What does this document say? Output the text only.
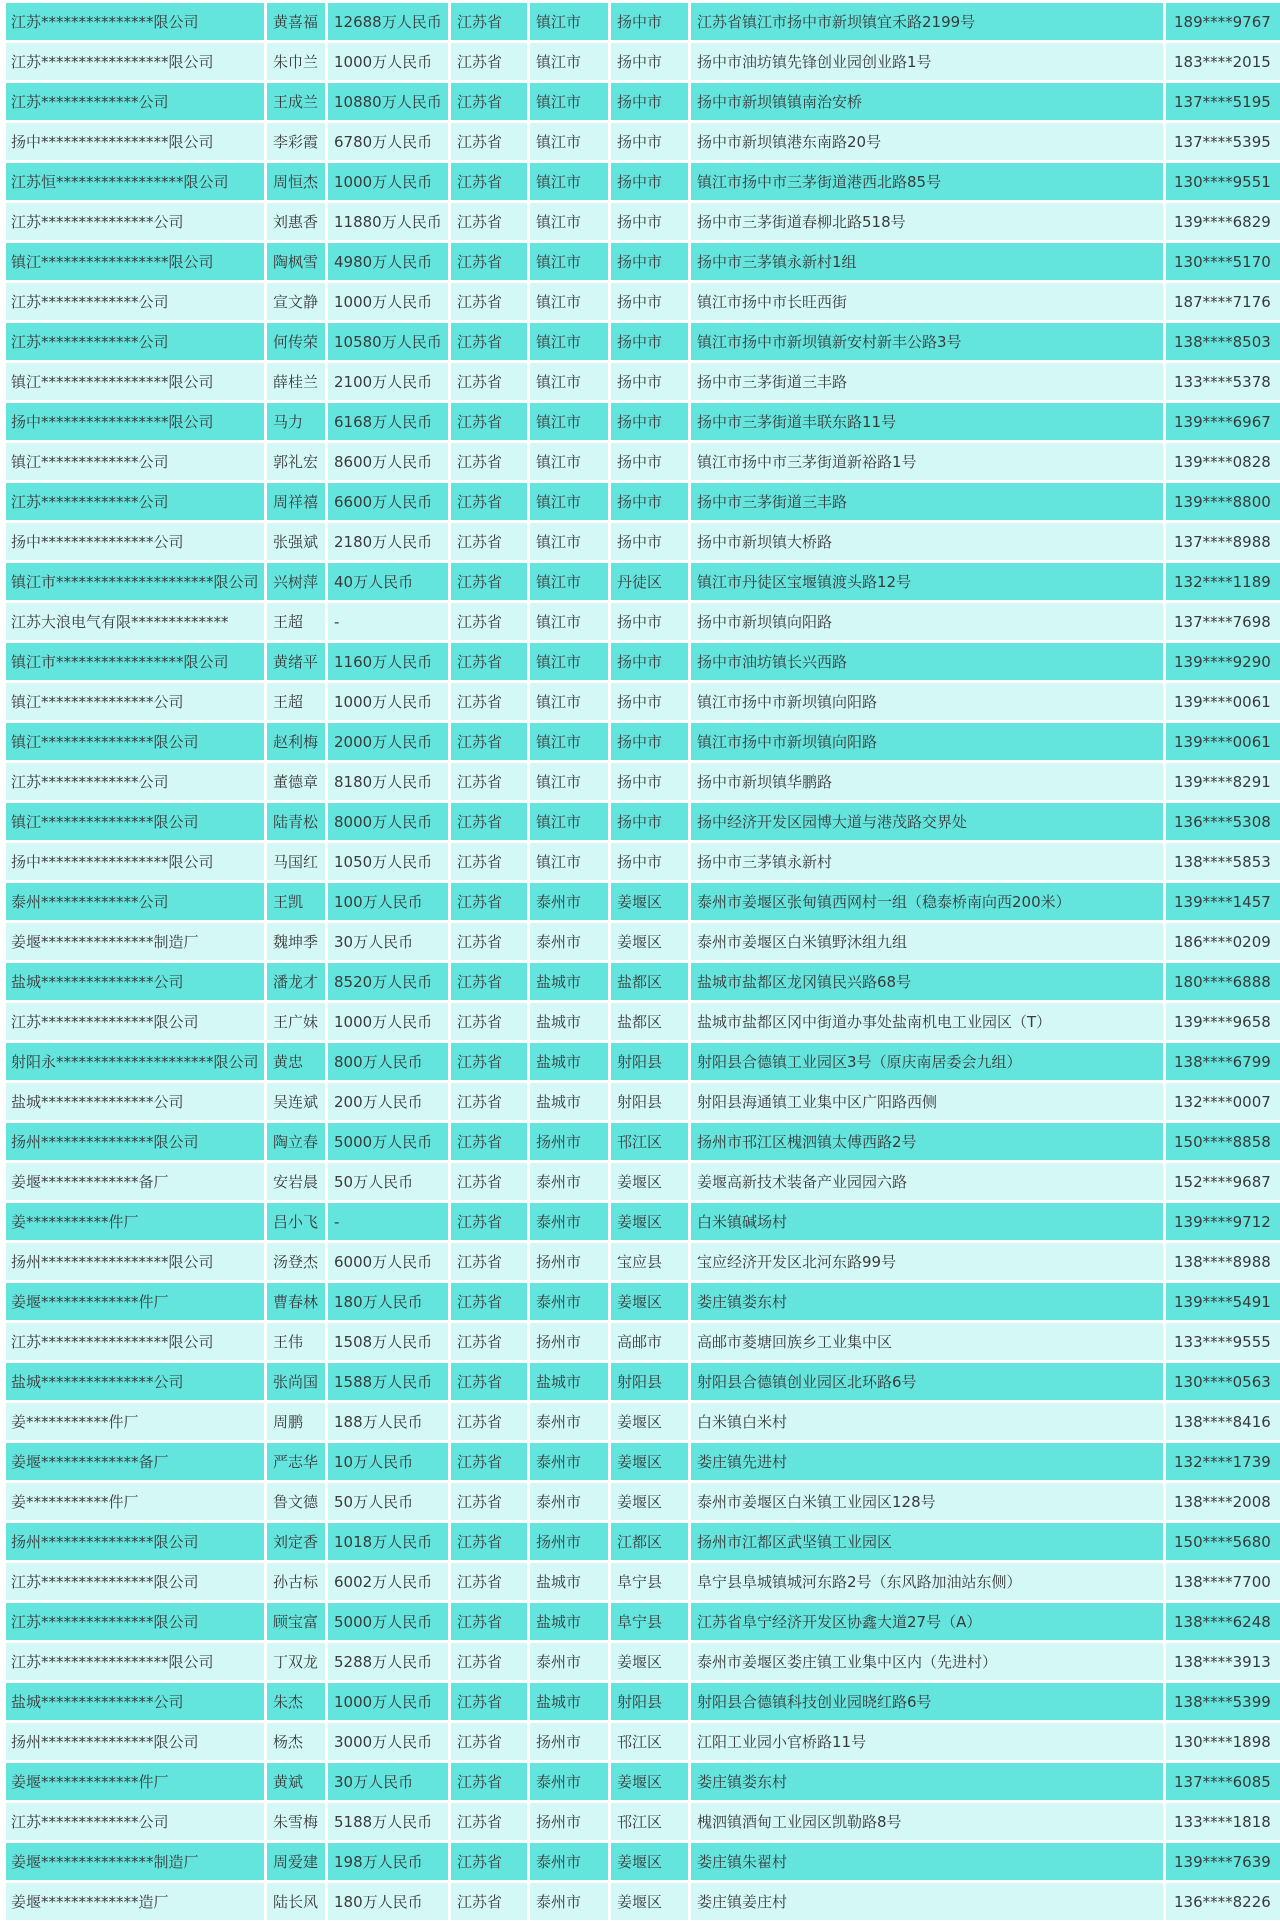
江苏***************限公司	黄喜福	12688万人民币	江苏省	镇江市	扬中市	江苏省镇江市扬中市新坝镇宜禾路2199号	189****9767
江苏*****************限公司	朱巾兰	1000万人民币	江苏省	镇江市	扬中市	扬中市油坊镇先锋创业园创业路1号	183****2015
江苏*************公司	王成兰	10880万人民币	江苏省	镇江市	扬中市	扬中市新坝镇镇南治安桥	137****5195
扬中*****************限公司	李彩霞	6780万人民币	江苏省	镇江市	扬中市	扬中市新坝镇港东南路20号	137****5395
江苏恒*****************限公司	周恒杰	1000万人民币	江苏省	镇江市	扬中市	镇江市扬中市三茅街道港西北路85号	130****9551
江苏***************公司	刘惠香	11880万人民币	江苏省	镇江市	扬中市	扬中市三茅街道春柳北路518号	139****6829
镇江*****************限公司	陶枫雪	4980万人民币	江苏省	镇江市	扬中市	扬中市三茅镇永新村1组	130****5170
江苏*************公司	宣文静	1000万人民币	江苏省	镇江市	扬中市	镇江市扬中市长旺西街	187****7176
江苏*************公司	何传荣	10580万人民币	江苏省	镇江市	扬中市	镇江市扬中市新坝镇新安村新丰公路3号	138****8503
镇江*****************限公司	薛桂兰	2100万人民币	江苏省	镇江市	扬中市	扬中市三茅街道三丰路	133****5378
扬中*****************限公司	马力	6168万人民币	江苏省	镇江市	扬中市	扬中市三茅街道丰联东路11号	139****6967
镇江*************公司	郭礼宏	8600万人民币	江苏省	镇江市	扬中市	镇江市扬中市三茅街道新裕路1号	139****0828
江苏*************公司	周祥禧	6600万人民币	江苏省	镇江市	扬中市	扬中市三茅街道三丰路	139****8800
扬中***************公司	张强斌	2180万人民币	江苏省	镇江市	扬中市	扬中市新坝镇大桥路	137****8988
镇江市*********************限公司	兴树萍	40万人民币	江苏省	镇江市	丹徒区	镇江市丹徒区宝堰镇渡头路12号	132****1189
江苏大浪电气有限*************	王超	-	江苏省	镇江市	扬中市	扬中市新坝镇向阳路	137****7698
镇江市*****************限公司	黄绪平	1160万人民币	江苏省	镇江市	扬中市	扬中市油坊镇长兴西路	139****9290
镇江***************公司	王超	1000万人民币	江苏省	镇江市	扬中市	镇江市扬中市新坝镇向阳路	139****0061
镇江***************限公司	赵利梅	2000万人民币	江苏省	镇江市	扬中市	镇江市扬中市新坝镇向阳路	139****0061
江苏*************公司	董德章	8180万人民币	江苏省	镇江市	扬中市	扬中市新坝镇华鹏路	139****8291
镇江***************限公司	陆青松	8000万人民币	江苏省	镇江市	扬中市	扬中经济开发区园博大道与港茂路交界处	136****5308
扬中*****************限公司	马国红	1050万人民币	江苏省	镇江市	扬中市	扬中市三茅镇永新村	138****5853
泰州*************公司	王凯	100万人民币	江苏省	泰州市	姜堰区	泰州市姜堰区张甸镇西网村一组（稳泰桥南向西200米）	139****1457
姜堰***************制造厂	魏坤季	30万人民币	江苏省	泰州市	姜堰区	泰州市姜堰区白米镇野沐组九组	186****0209
盐城***************公司	潘龙才	8520万人民币	江苏省	盐城市	盐都区	盐城市盐都区龙冈镇民兴路68号	180****6888
江苏***************限公司	王广妹	1000万人民币	江苏省	盐城市	盐都区	盐城市盐都区冈中街道办事处盐南机电工业园区（T）	139****9658
射阳永*********************限公司	黄忠	800万人民币	江苏省	盐城市	射阳县	射阳县合德镇工业园区3号（原庆南居委会九组）	138****6799
盐城***************公司	吴连斌	200万人民币	江苏省	盐城市	射阳县	射阳县海通镇工业集中区广阳路西侧	132****0007
扬州***************限公司	陶立春	5000万人民币	江苏省	扬州市	邗江区	扬州市邗江区槐泗镇太傅西路2号	150****8858
姜堰*************备厂	安岩晨	50万人民币	江苏省	泰州市	姜堰区	姜堰高新技术装备产业园园六路	152****9687
姜***********件厂	吕小飞	-	江苏省	泰州市	姜堰区	白米镇碱场村	139****9712
扬州*****************限公司	汤登杰	6000万人民币	江苏省	扬州市	宝应县	宝应经济开发区北河东路99号	138****8988
姜堰*************件厂	曹春林	180万人民币	江苏省	泰州市	姜堰区	娄庄镇娄东村	139****5491
江苏*****************限公司	王伟	1508万人民币	江苏省	扬州市	高邮市	高邮市菱塘回族乡工业集中区	133****9555
盐城***************公司	张尚国	1588万人民币	江苏省	盐城市	射阳县	射阳县合德镇创业园区北环路6号	130****0563
姜***********件厂	周鹏	188万人民币	江苏省	泰州市	姜堰区	白米镇白米村	138****8416
姜堰*************备厂	严志华	10万人民币	江苏省	泰州市	姜堰区	娄庄镇先进村	132****1739
姜***********件厂	鲁文德	50万人民币	江苏省	泰州市	姜堰区	泰州市姜堰区白米镇工业园区128号	138****2008
扬州***************限公司	刘定香	1018万人民币	江苏省	扬州市	江都区	扬州市江都区武坚镇工业园区	150****5680
江苏***************限公司	孙古标	6002万人民币	江苏省	盐城市	阜宁县	阜宁县阜城镇城河东路2号（东风路加油站东侧）	138****7700
江苏***************限公司	顾宝富	5000万人民币	江苏省	盐城市	阜宁县	江苏省阜宁经济开发区协鑫大道27号（A）	138****6248
江苏*****************限公司	丁双龙	5288万人民币	江苏省	泰州市	姜堰区	泰州市姜堰区娄庄镇工业集中区内（先进村）	138****3913
盐城***************公司	朱杰	1000万人民币	江苏省	盐城市	射阳县	射阳县合德镇科技创业园晓红路6号	138****5399
扬州***************限公司	杨杰	3000万人民币	江苏省	扬州市	邗江区	江阳工业园小官桥路11号	130****1898
姜堰*************件厂	黄斌	30万人民币	江苏省	泰州市	姜堰区	娄庄镇娄东村	137****6085
江苏*************公司	朱雪梅	5188万人民币	江苏省	扬州市	邗江区	槐泗镇酒甸工业园区凯勒路8号	133****1818
姜堰***************制造厂	周爱建	198万人民币	江苏省	泰州市	姜堰区	娄庄镇朱翟村	139****7639
姜堰*************造厂	陆长风	180万人民币	江苏省	泰州市	姜堰区	娄庄镇姜庄村	136****8226
